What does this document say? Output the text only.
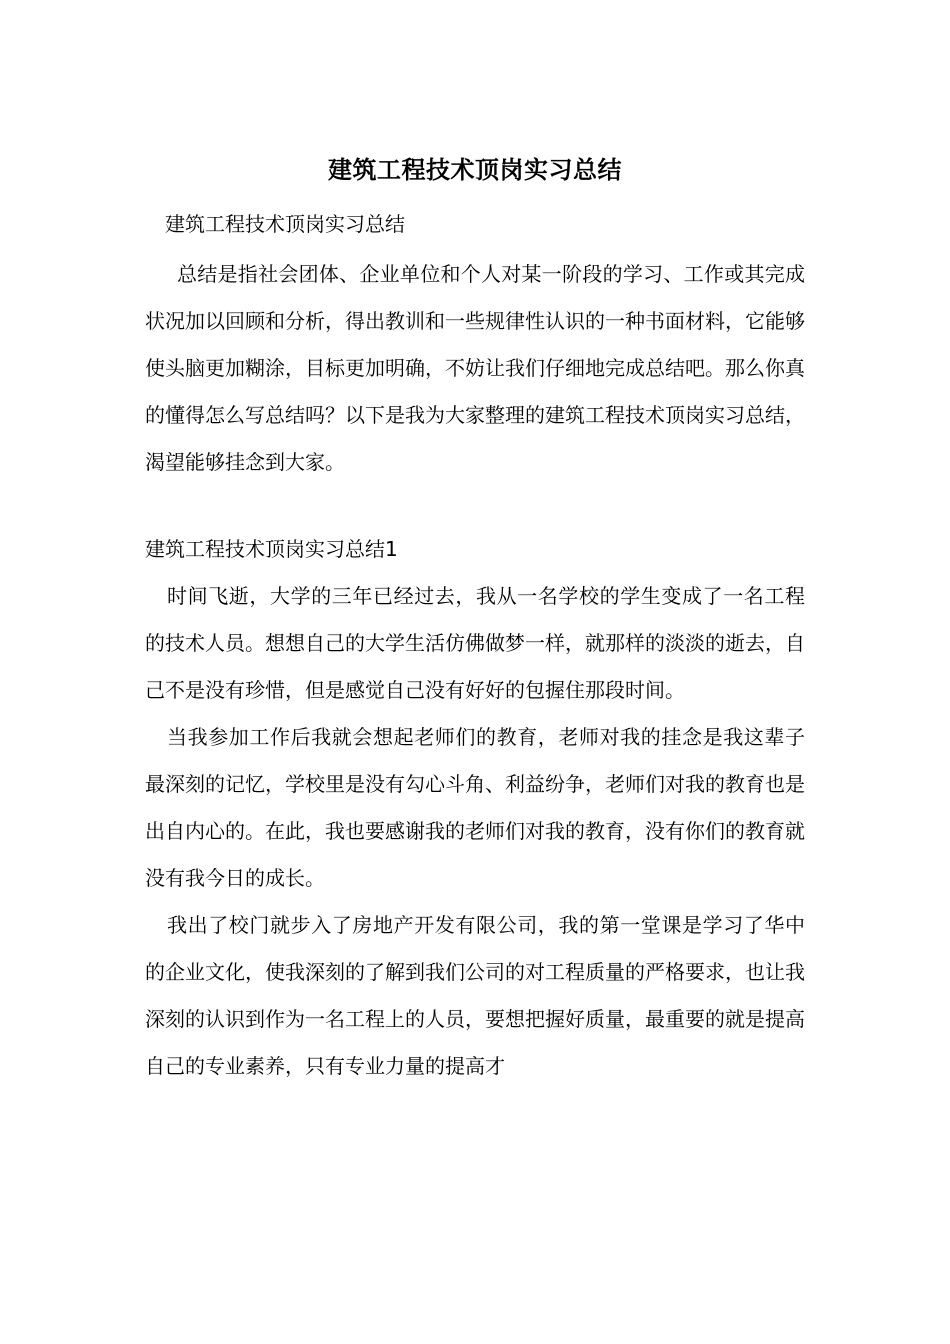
建筑工程技术顶岗实习总结

建筑工程技术顶岗实习总结

总结是指社会团体、企业单位和个人对某一阶段的学习、工作或其完成状况加以回顾和分析，得出教训和一些规律性认识的一种书面材料，它能够使头脑更加糊涂，目标更加明确，不妨让我们仔细地完成总结吧。那么你真的懂得怎么写总结吗？以下是我为大家整理的建筑工程技术顶岗实习总结，渴望能够挂念到大家。

建筑工程技术顶岗实习总结1

时间飞逝，大学的三年已经过去，我从一名学校的学生变成了一名工程的技术人员。想想自己的大学生活仿佛做梦一样，就那样的淡淡的逝去，自己不是没有珍惜，但是感觉自己没有好好的包握住那段时间。

当我参加工作后我就会想起老师们的教育，老师对我的挂念是我这辈子最深刻的记忆，学校里是没有勾心斗角、利益纷争，老师们对我的教育也是出自内心的。在此，我也要感谢我的老师们对我的教育，没有你们的教育就没有我今日的成长。

我出了校门就步入了房地产开发有限公司，我的第一堂课是学习了华中的企业文化，使我深刻的了解到我们公司的对工程质量的严格要求，也让我深刻的认识到作为一名工程上的人员，要想把握好质量，最重要的就是提高自己的专业素养，只有专业力量的提高才
